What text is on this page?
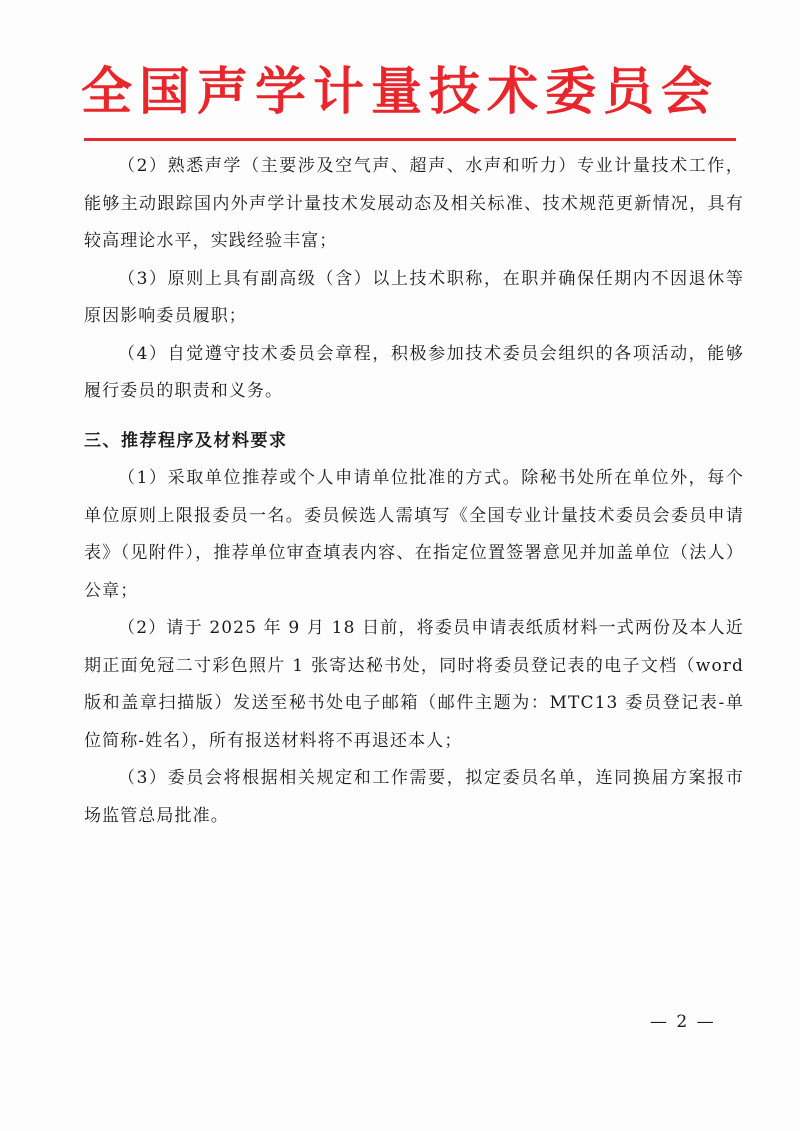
全国声学计量技术委员会

（2）熟悉声学（主要涉及空气声、超声、水声和听力）专业计量技术工作，能够主动跟踪国内外声学计量技术发展动态及相关标准、技术规范更新情况，具有较高理论水平，实践经验丰富；

（3）原则上具有副高级（含）以上技术职称，在职并确保任期内不因退休等原因影响委员履职；

（4）自觉遵守技术委员会章程，积极参加技术委员会组织的各项活动，能够履行委员的职责和义务。

三、推荐程序及材料要求

（1）采取单位推荐或个人申请单位批准的方式。除秘书处所在单位外，每个单位原则上限报委员一名。委员候选人需填写《全国专业计量技术委员会委员申请表》（见附件），推荐单位审查填表内容、在指定位置签署意见并加盖单位（法人）公章；

（2）请于 2025 年 9 月 18 日前，将委员申请表纸质材料一式两份及本人近期正面免冠二寸彩色照片 1 张寄达秘书处，同时将委员登记表的电子文档（word 版和盖章扫描版）发送至秘书处电子邮箱（邮件主题为：MTC13 委员登记表-单位简称-姓名），所有报送材料将不再退还本人；

（3）委员会将根据相关规定和工作需要，拟定委员名单，连同换届方案报市场监管总局批准。

— 2 —
